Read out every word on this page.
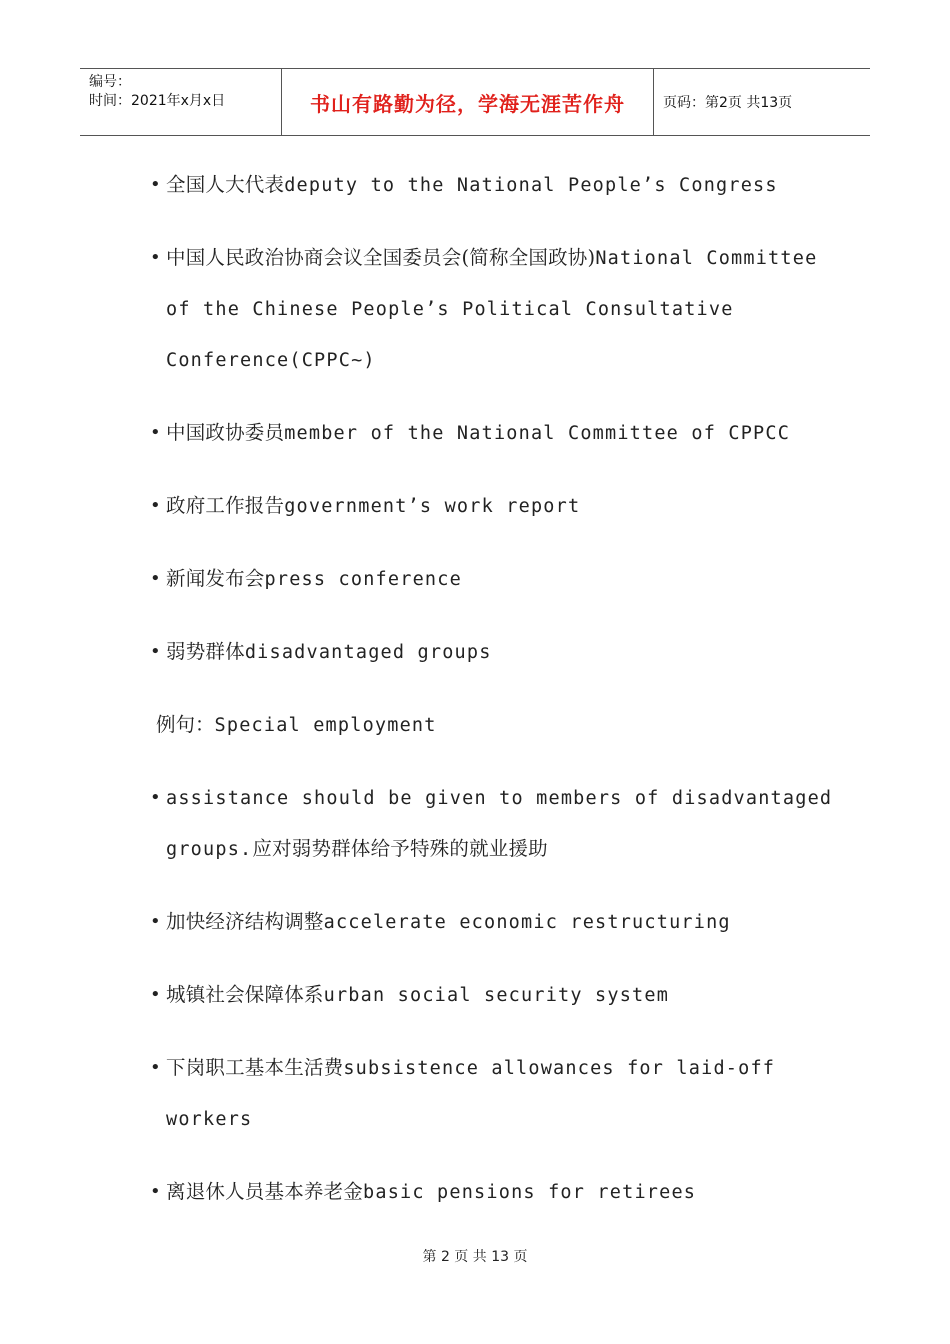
编号：
时间：2021年x月x日	书山有路勤为径，学海无涯苦作舟	页码：第2页 共13页
• 全国人大代表deputy to the National People’s Congress
• 中国人民政治协商会议全国委员会(简称全国政协)National Committee of the Chinese People’s Political Consultative Conference(CPPC~)
• 中国政协委员member of the National Committee of CPPCC
• 政府工作报告government’s work report
• 新闻发布会press conference
• 弱势群体disadvantaged groups
例句：Special employment
• assistance should be given to members of disadvantaged groups.应对弱势群体给予特殊的就业援助
• 加快经济结构调整accelerate economic restructuring
• 城镇社会保障体系urban social security system
• 下岗职工基本生活费subsistence allowances for laid-off workers
• 离退休人员基本养老金basic pensions for retirees
第 2 页 共 13 页
